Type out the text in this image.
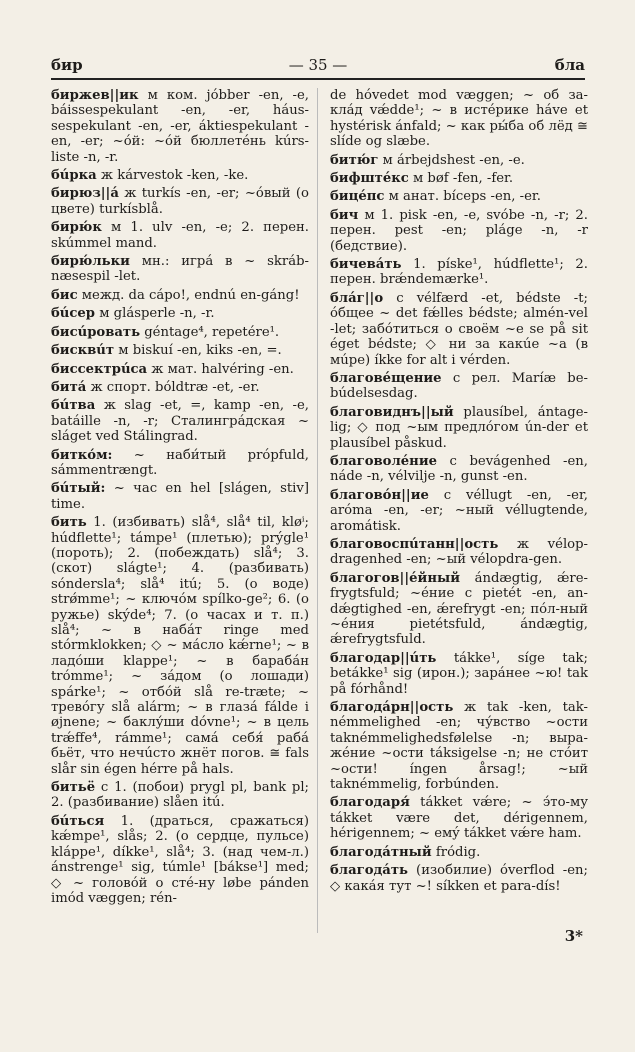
бир	— 35 —	бла

биржев||ик м ком. jóbber -en, -e, báissespekulant -en, -er, háus-sespekulant -en, -er, áktiespekulant -en, -er; ~óй: ~óй бюллетéнь kúrs-liste -n, -r.

бúрка ж kárvestok -ken, -ke.

бирюз||á ж turkís -en, -er; ~óвый (о цвете) turkísblå.

бирю́к м 1. ulv -en, -e; 2. перен. skúmmel mand.

бирю́льки мн.: игрá в ~ skráb-næsespil -let.

бис межд. da cápo!, endnú en-gáng!

бúсер м glásperle -n, -r.

бисúровать géntage⁴, repetére¹.

бисквúт м biskuí -en, kiks -en, =.

биссектрúса ж мат. halvéring -en.

битá ж спорт. bóldtræ -et, -er.

бúтва ж slag -et, =, kamp -en, -e, batáille -n, -r; Сталингрáдская ~ sláget ved Stálingrad.

битко́м: ~ наби́тый própfuld, sámmentrængt.

бúтый: ~ час en hel [slágen, stiv] time.

бить 1. (избивать) slå⁴, slå⁴ til, kløⁱ; húdflette¹; támpe¹ (плетью); prýgle¹ (пороть); 2. (побеждать) slå⁴; 3. (скот) slágte¹; 4. (разбивать) sóndersla⁴; slå⁴ itú; 5. (о воде) strǿmme¹; ~ ключóм spílko-ge²; 6. (о ружье) skýde⁴; 7. (о часах и т. п.) slå⁴; ~ в набáт ringe med stórmklokken; ◇ ~ мáсло kǽrne¹; ~ в ладóши klappe¹; ~ в барабáн trómme¹; ~ зáдом (о лошади) spárke¹; ~ отбóй slå re-træte; ~ тревóгу slå alárm; ~ в глазá fálde i øjnene; ~ баклу́ши dóvne¹; ~ в цель trǽffe⁴, rámme¹; самá себя́ рабá бьёт, что нечúсто жнёт погов. ≅ fals slår sin égen hérre på hals.

битьё с 1. (побои) prygl pl, bank pl; 2. (разбивание) slåen itú.

бúться 1. (драться, сражаться) kǽmpe¹, slås; 2. (о сердце, пульсе) kláppe¹, díkke¹, slå⁴; 3. (над чем-л.) ánstrenge¹ sig, túmle¹ [bákse¹] med; ◇ ~ головóй о стé-ну løbe pánden imód væggen; rén-

de hóvedet mod væggen; ~ об за-клáд vǽdde¹; ~ в истéрике háve et hystérisk ánfald; ~ как ры́ба об лёд ≅ slíde og slæbe.

битю́г м árbejdshest -en, -e.

бифштéкс м bøf -fen, -fer.

бицéпс м анат. bíceps -en, -er.

бич м 1. pisk -en, -e, svóbe -n, -r; 2. перен. pest -en; pláge -n, -r (бедствие).

бичевáть 1. píske¹, húdflette¹; 2. перен. brǽndemærke¹.

блáг||о с vélfærd -et, bédste -t; óбщее ~ det fǽlles bédste; almén-vel -let; забóтиться о своём ~е se på sit éget bédste; ◇ ни за какúе ~а (в мúре) íkke for alt i vérden.

благовéщение с рел. Maríæ be-búdelsesdag.

благовиднъ||ый plausíbel, ántage-lig; ◇ под ~ым предлóгом ún-der et plausíbel påskud.

благоволéние с bevágenhed -en, náde -n, vélvilje -n, gunst -en.

благовóн||ие с véllugt -en, -er, aróma -en, -er; ~ный véllugtende, aromátisk.

благовоспúтанн||ость ж vélop-dragenhed -en; ~ый vélopdra-gen.

благогов||éйный ándægtig, ǽre-frygtsfuld; ~éние с pietét -en, an-dǽgtighed -en, ǽrefrygt -en; пóл-ный ~éния pietétsfuld, ándægtig, ǽrefrygtsfuld.

благодар||úть tákke¹, síge tak; betákke¹ sig (ирон.); зарáнее ~ю! tak på fórhånd!

благодáрн||ость ж tak -ken, tak-némmelighed -en; чу́вство ~ости taknémmelighedsfølelse -n; выра-жéние ~ости táksigelse -n; не стóит ~ости! íngen årsag!; ~ый taknémmelig, forbúnden.

благодаря́ tákket vǽre; ~ э́то-му tákket være det, dérigennem, hérigennem; ~ емý tákket vǽre ham.

благодáтный fródig.

благодáть (изобилие) óverflod -en; ◇ какáя тут ~! síkken et para-dís!

3*
